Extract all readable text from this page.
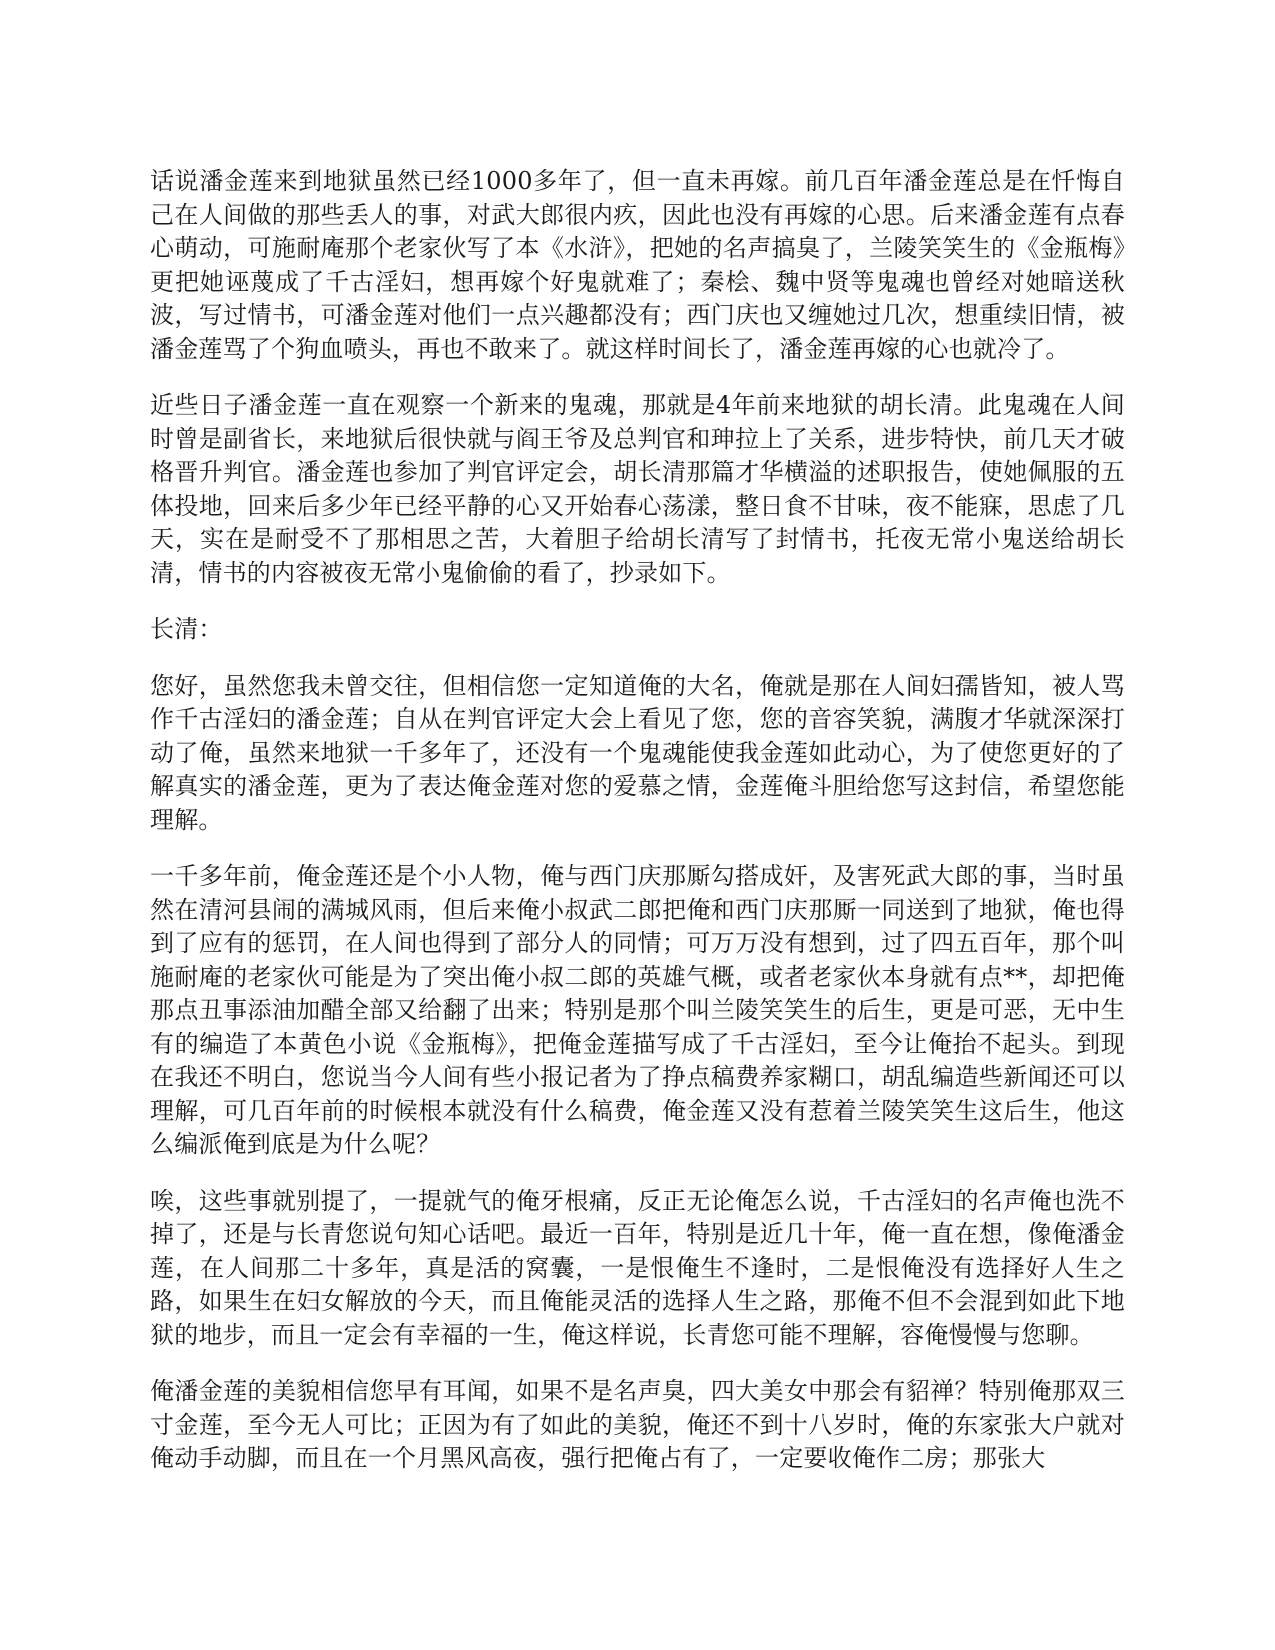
话说潘金莲来到地狱虽然已经1000多年了，但一直未再嫁。前几百年潘金莲总是在忏悔自己在人间做的那些丢人的事，对武大郎很内疚，因此也没有再嫁的心思。后来潘金莲有点春心萌动，可施耐庵那个老家伙写了本《水浒》，把她的名声搞臭了，兰陵笑笑生的《金瓶梅》更把她诬蔑成了千古淫妇，想再嫁个好鬼就难了；秦桧、魏中贤等鬼魂也曾经对她暗送秋波，写过情书，可潘金莲对他们一点兴趣都没有；西门庆也又缠她过几次，想重续旧情，被潘金莲骂了个狗血喷头，再也不敢来了。就这样时间长了，潘金莲再嫁的心也就冷了。

近些日子潘金莲一直在观察一个新来的鬼魂，那就是4年前来地狱的胡长清。此鬼魂在人间时曾是副省长，来地狱后很快就与阎王爷及总判官和珅拉上了关系，进步特快，前几天才破格晋升判官。潘金莲也参加了判官评定会，胡长清那篇才华横溢的述职报告，使她佩服的五体投地，回来后多少年已经平静的心又开始春心荡漾，整日食不甘味，夜不能寐，思虑了几天，实在是耐受不了那相思之苦，大着胆子给胡长清写了封情书，托夜无常小鬼送给胡长清，情书的内容被夜无常小鬼偷偷的看了，抄录如下。

长清：

您好，虽然您我未曾交往，但相信您一定知道俺的大名，俺就是那在人间妇孺皆知，被人骂作千古淫妇的潘金莲；自从在判官评定大会上看见了您，您的音容笑貌，满腹才华就深深打动了俺，虽然来地狱一千多年了，还没有一个鬼魂能使我金莲如此动心，为了使您更好的了解真实的潘金莲，更为了表达俺金莲对您的爱慕之情，金莲俺斗胆给您写这封信，希望您能理解。

一千多年前，俺金莲还是个小人物，俺与西门庆那厮勾搭成奸，及害死武大郎的事，当时虽然在清河县闹的满城风雨，但后来俺小叔武二郎把俺和西门庆那厮一同送到了地狱，俺也得到了应有的惩罚，在人间也得到了部分人的同情；可万万没有想到，过了四五百年，那个叫施耐庵的老家伙可能是为了突出俺小叔二郎的英雄气概，或者老家伙本身就有点**，却把俺那点丑事添油加醋全部又给翻了出来；特别是那个叫兰陵笑笑生的后生，更是可恶，无中生有的编造了本黄色小说《金瓶梅》，把俺金莲描写成了千古淫妇，至今让俺抬不起头。到现在我还不明白，您说当今人间有些小报记者为了挣点稿费养家糊口，胡乱编造些新闻还可以理解，可几百年前的时候根本就没有什么稿费，俺金莲又没有惹着兰陵笑笑生这后生，他这么编派俺到底是为什么呢？

唉，这些事就别提了，一提就气的俺牙根痛，反正无论俺怎么说，千古淫妇的名声俺也洗不掉了，还是与长青您说句知心话吧。最近一百年，特别是近几十年，俺一直在想，像俺潘金莲，在人间那二十多年，真是活的窝囊，一是恨俺生不逢时，二是恨俺没有选择好人生之路，如果生在妇女解放的今天，而且俺能灵活的选择人生之路，那俺不但不会混到如此下地狱的地步，而且一定会有幸福的一生，俺这样说，长青您可能不理解，容俺慢慢与您聊。

俺潘金莲的美貌相信您早有耳闻，如果不是名声臭，四大美女中那会有貂禅？特别俺那双三寸金莲，至今无人可比；正因为有了如此的美貌，俺还不到十八岁时，俺的东家张大户就对俺动手动脚，而且在一个月黑风高夜，强行把俺占有了，一定要收俺作二房；那张大
